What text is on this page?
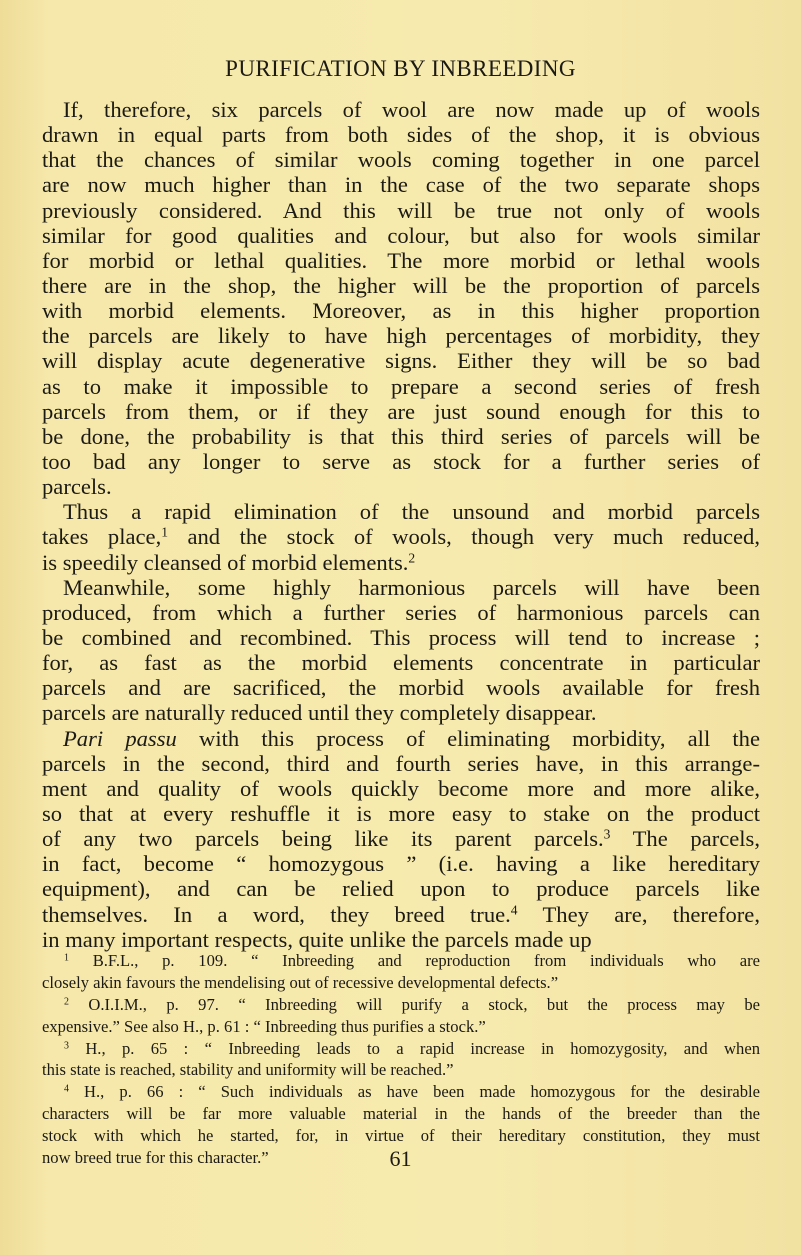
PURIFICATION BY INBREEDING
If, therefore, six parcels of wool are now made up of wools
drawn in equal parts from both sides of the shop, it is obvious
that the chances of similar wools coming together in one parcel
are now much higher than in the case of the two separate shops
previously considered. And this will be true not only of wools
similar for good qualities and colour, but also for wools similar
for morbid or lethal qualities. The more morbid or lethal wools
there are in the shop, the higher will be the proportion of parcels
with morbid elements. Moreover, as in this higher proportion
the parcels are likely to have high percentages of morbidity, they
will display acute degenerative signs. Either they will be so bad
as to make it impossible to prepare a second series of fresh
parcels from them, or if they are just sound enough for this to
be done, the probability is that this third series of parcels will be
too bad any longer to serve as stock for a further series of
parcels.
Thus a rapid elimination of the unsound and morbid parcels
takes place,$^1$ and the stock of wools, though very much reduced,
is speedily cleansed of morbid elements.$^2$
Meanwhile, some highly harmonious parcels will have been
produced, from which a further series of harmonious parcels can
be combined and recombined. This process will tend to increase ;
for, as fast as the morbid elements concentrate in particular
parcels and are sacrificed, the morbid wools available for fresh
parcels are naturally reduced until they completely disappear.
Pari passu with this process of eliminating morbidity, all the
parcels in the second, third and fourth series have, in this arrange-
ment and quality of wools quickly become more and more alike,
so that at every reshuffle it is more easy to stake on the product
of any two parcels being like its parent parcels.$^3$ The parcels,
in fact, become “ homozygous ” (i.e. having a like hereditary
equipment), and can be relied upon to produce parcels like
themselves. In a word, they breed true.$^4$ They are, therefore,
in many important respects, quite unlike the parcels made up
$^1$ B.F.L., p. 109. “ Inbreeding and reproduction from individuals who are
closely akin favours the mendelising out of recessive developmental defects.”
$^2$ O.I.I.M., p. 97. “ Inbreeding will purify a stock, but the process may be
expensive.” See also H., p. 61 : “ Inbreeding thus purifies a stock.”
$^3$ H., p. 65 : “ Inbreeding leads to a rapid increase in homozygosity, and when
this state is reached, stability and uniformity will be reached.”
$^4$ H., p. 66 : “ Such individuals as have been made homozygous for the desirable
characters will be far more valuable material in the hands of the breeder than the
stock with which he started, for, in virtue of their hereditary constitution, they must
now breed true for this character.”	61
